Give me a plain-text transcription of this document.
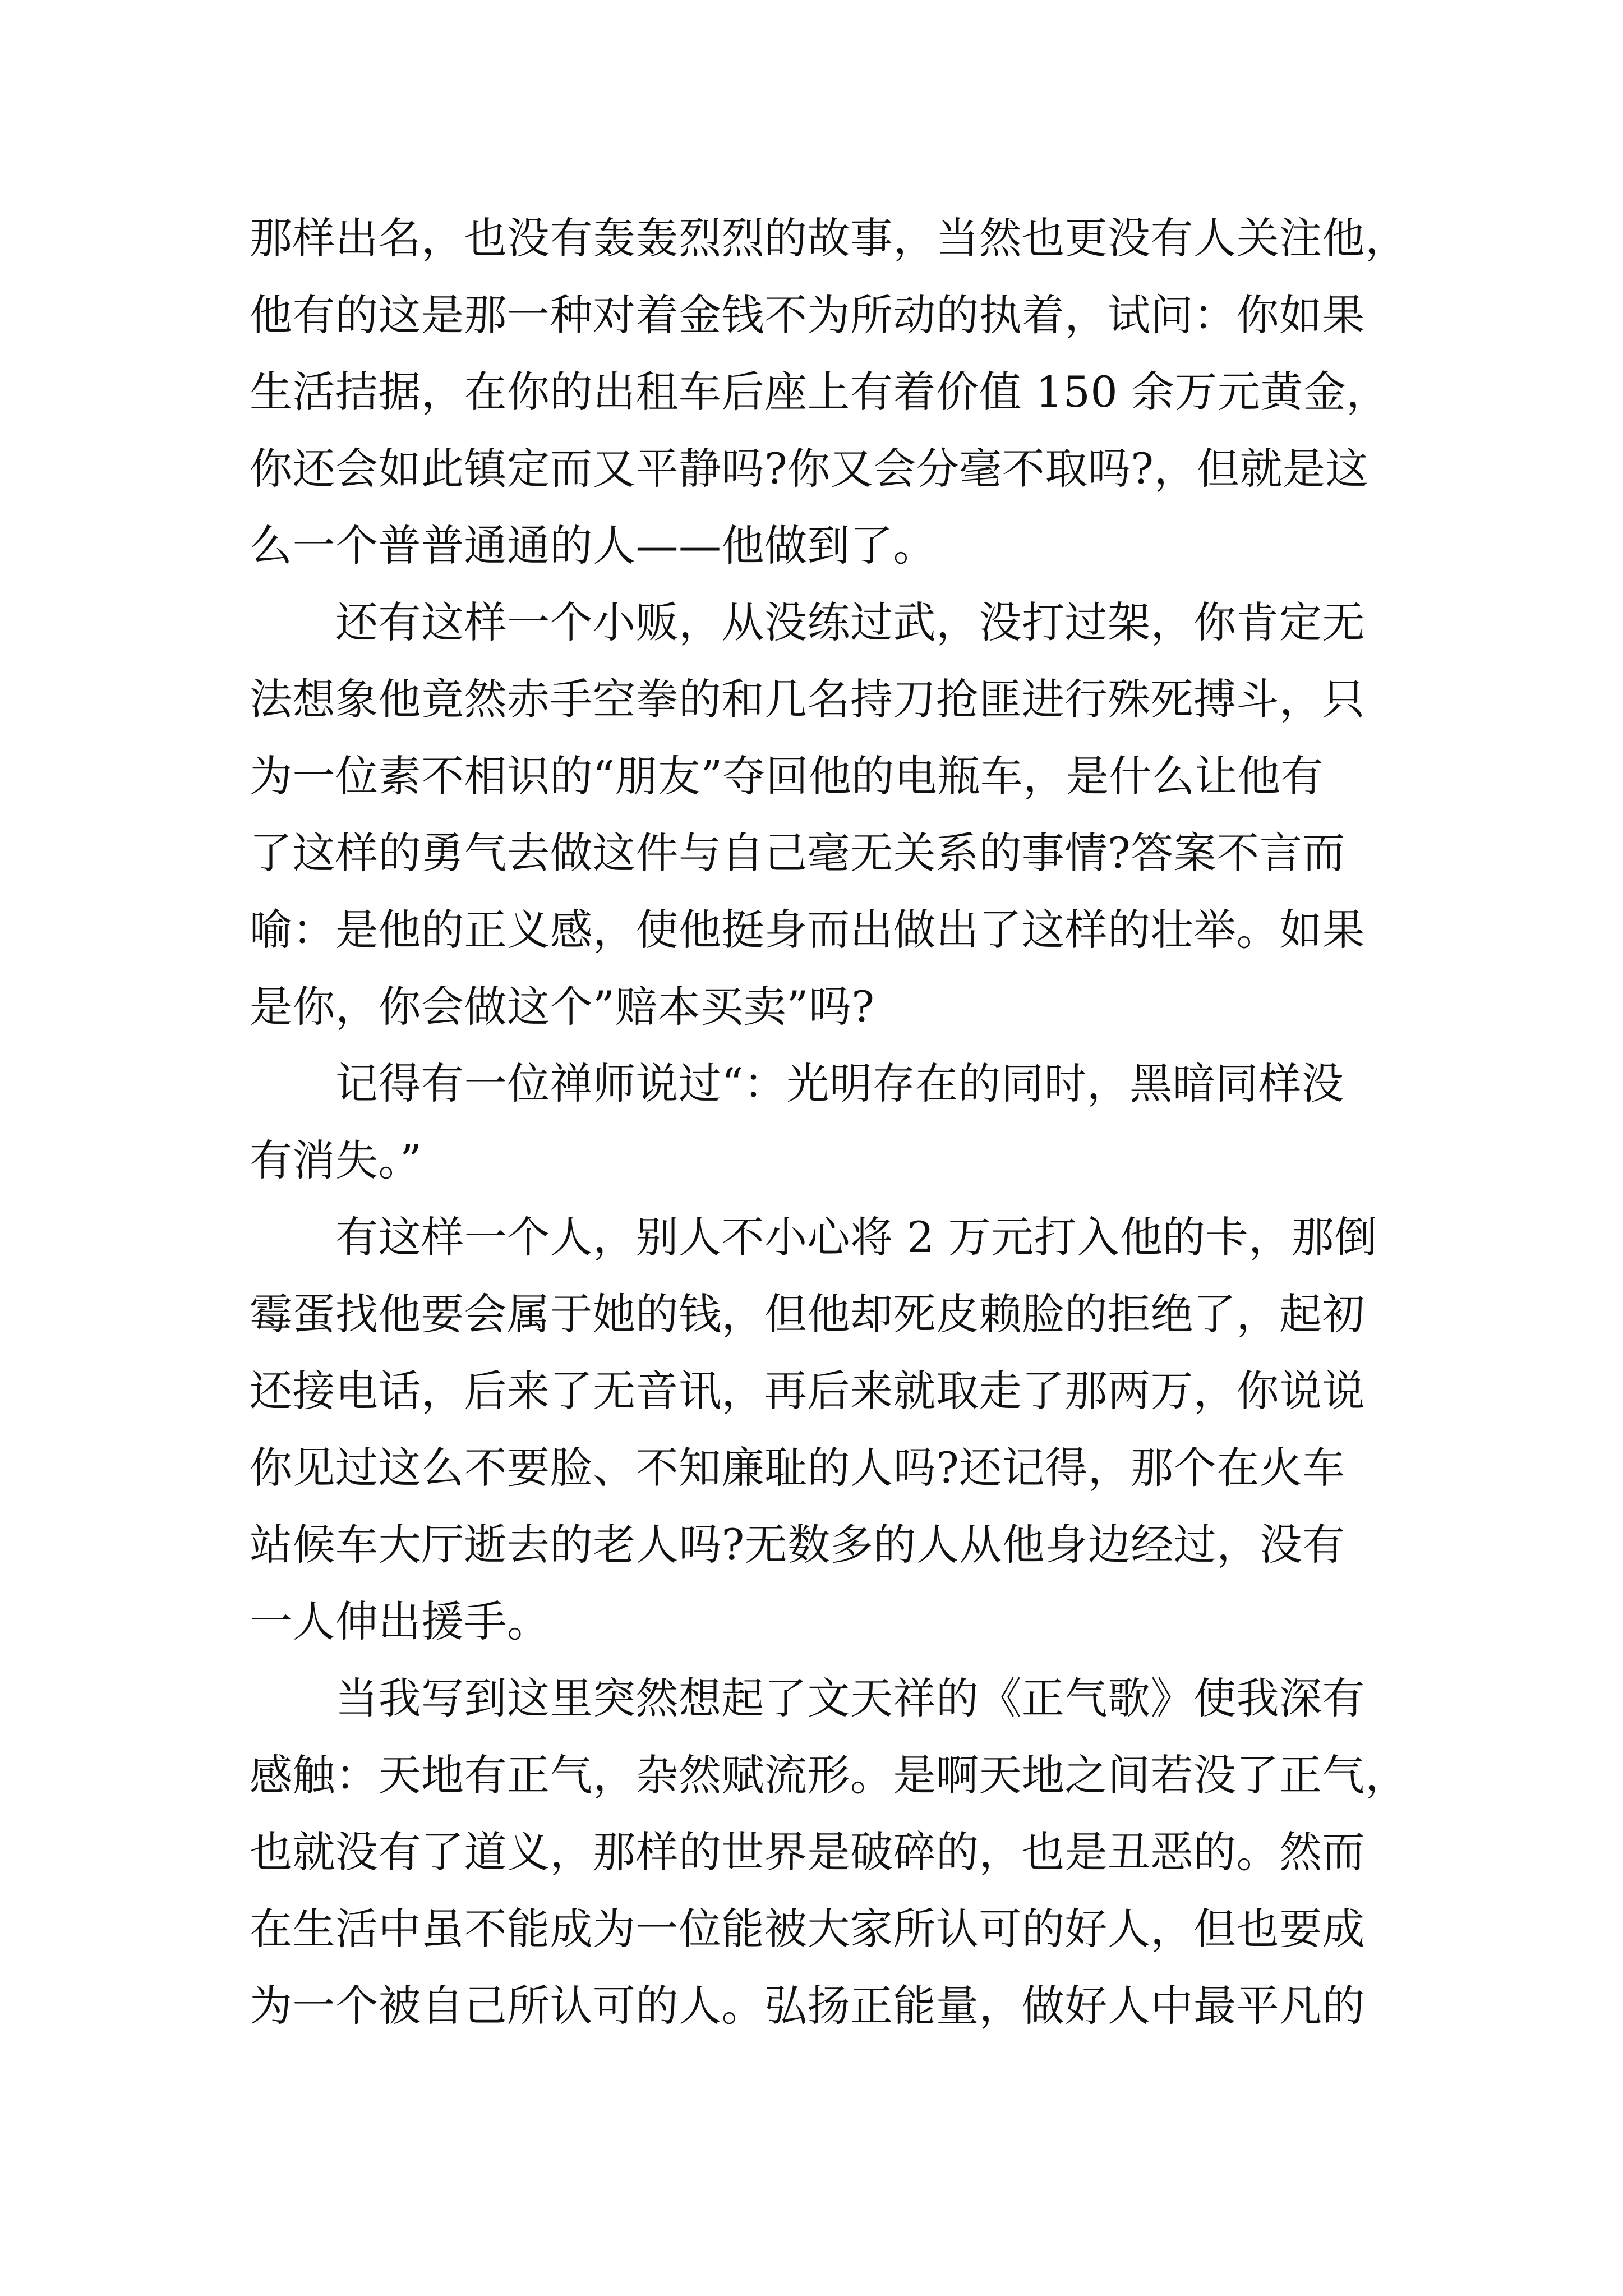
那样出名，也没有轰轰烈烈的故事，当然也更没有人关注他，
他有的这是那一种对着金钱不为所动的执着，试问：你如果
生活拮据，在你的出租车后座上有着价值 150 余万元黄金，
你还会如此镇定而又平静吗?你又会分毫不取吗?，但就是这
么一个普普通通的人——他做到了。

　　还有这样一个小贩，从没练过武，没打过架，你肯定无
法想象他竟然赤手空拳的和几名持刀抢匪进行殊死搏斗，只
为一位素不相识的“朋友”夺回他的电瓶车，是什么让他有
了这样的勇气去做这件与自己毫无关系的事情?答案不言而
喻：是他的正义感，使他挺身而出做出了这样的壮举。如果
是你，你会做这个”赔本买卖”吗?

　　记得有一位禅师说过“：光明存在的同时，黑暗同样没
有消失。”

　　有这样一个人，别人不小心将 2 万元打入他的卡，那倒
霉蛋找他要会属于她的钱，但他却死皮赖脸的拒绝了，起初
还接电话，后来了无音讯，再后来就取走了那两万，你说说
你见过这么不要脸、不知廉耻的人吗?还记得，那个在火车
站候车大厅逝去的老人吗?无数多的人从他身边经过，没有
一人伸出援手。

　　当我写到这里突然想起了文天祥的《正气歌》使我深有
感触：天地有正气，杂然赋流形。是啊天地之间若没了正气，
也就没有了道义，那样的世界是破碎的，也是丑恶的。然而
在生活中虽不能成为一位能被大家所认可的好人，但也要成
为一个被自己所认可的人。弘扬正能量，做好人中最平凡的
